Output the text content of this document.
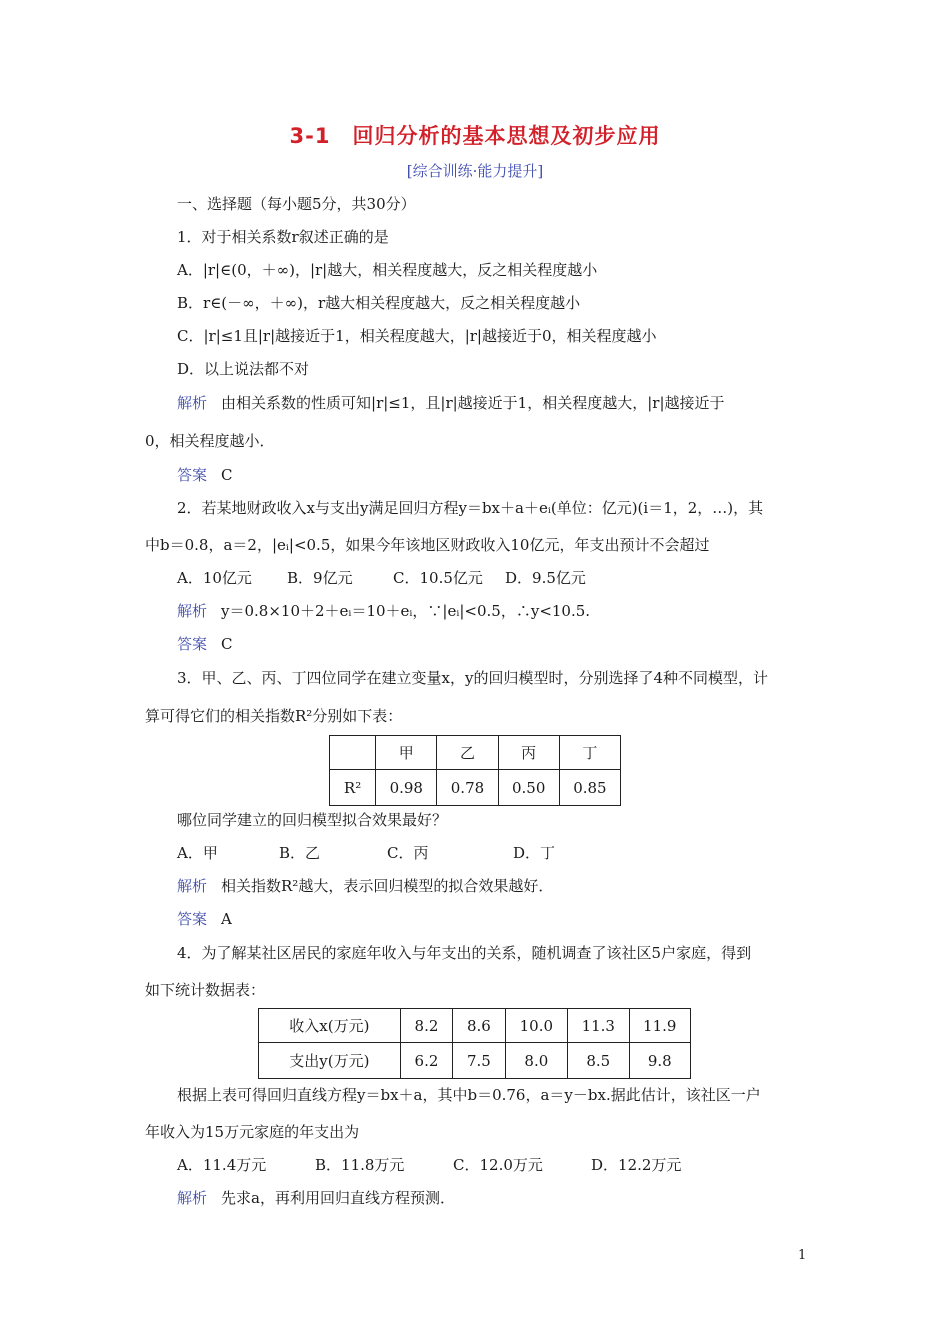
3-1　回归分析的基本思想及初步应用
[综合训练·能力提升]
一、选择题（每小题5分，共30分）
1．对于相关系数r叙述正确的是
A．|r|∈(0，＋∞)，|r|越大，相关程度越大，反之相关程度越小
B．r∈(－∞，＋∞)，r越大相关程度越大，反之相关程度越小
C．|r|≤1且|r|越接近于1，相关程度越大，|r|越接近于0，相关程度越小
D．以上说法都不对
解析 由相关系数的性质可知|r|≤1，且|r|越接近于1，相关程度越大，|r|越接近于
0，相关程度越小．
答案 C
2．若某地财政收入x与支出y满足回归方程y＝bx＋a＋eᵢ(单位：亿元)(i＝1，2，…)，其
中b＝0.8，a＝2，|eᵢ|<0.5，如果今年该地区财政收入10亿元，年支出预计不会超过
A．10亿元 B．9亿元	C．10.5亿元 D．9.5亿元
解析 y＝0.8×10＋2＋eᵢ＝10＋eᵢ，∵|eᵢ|<0.5，∴y<10.5.
答案 C
3．甲、乙、丙、丁四位同学在建立变量x，y的回归模型时，分别选择了4种不同模型，计
算可得它们的相关指数R²分别如下表：
	甲	乙	丙	丁
R²	0.98	0.78	0.50	0.85
哪位同学建立的回归模型拟合效果最好？
A．甲	B．乙	C．丙	D．丁
解析 相关指数R²越大，表示回归模型的拟合效果越好．
答案 A
4．为了解某社区居民的家庭年收入与年支出的关系，随机调查了该社区5户家庭，得到
如下统计数据表：
收入x(万元)	8.2	8.6	10.0	11.3	11.9
支出y(万元)	6.2	7.5	8.0	8.5	9.8
根据上表可得回归直线方程y＝bx＋a，其中b＝0.76，a＝y－bx.据此估计，该社区一户
年收入为15万元家庭的年支出为
A．11.4万元	B．11.8万元	C．12.0万元	D．12.2万元
解析 先求a，再利用回归直线方程预测．
1
